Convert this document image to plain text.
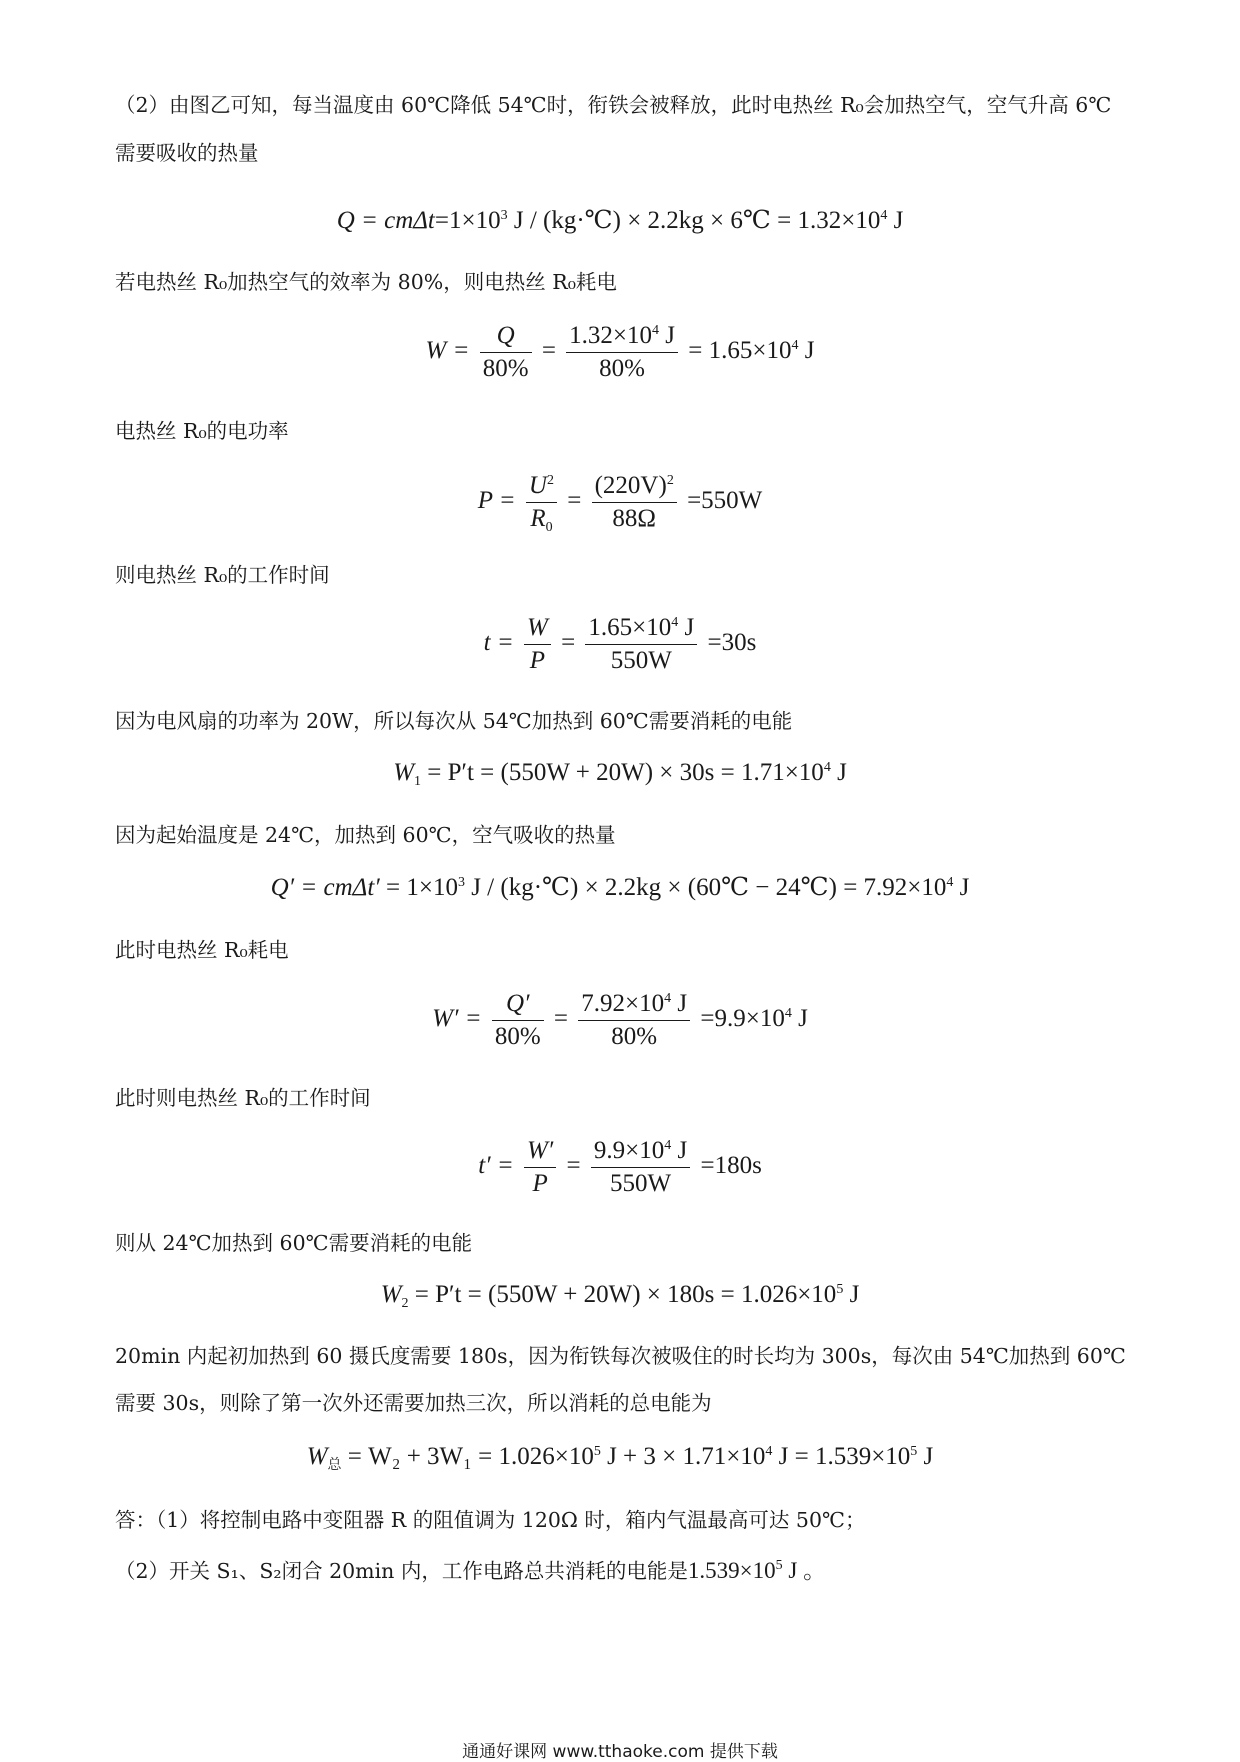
（2）由图乙可知，每当温度由 60℃降低 54℃时，衔铁会被释放，此时电热丝 R₀会加热空气，空气升高 6℃
需要吸收的热量
$Q = cm\Delta t=1\times 10^3$ J / (kg·℃) × 2.2kg × 6℃ = $1.32\times 10^4$ J
若电热丝 R₀加热空气的效率为 80%，则电热丝 R₀耗电
$W = \frac{Q}{80\%} = \frac{1.32\times 10^4 J}{80\%} = 1.65\times 10^4$ J
电热丝 R₀的电功率
$P = \frac{U^2}{R_0} = \frac{(220V)^2}{88\Omega} =550W$
则电热丝 R₀的工作时间
$t = \frac{W}{P} = \frac{1.65\times 10^4 J}{550W} =30s$
因为电风扇的功率为 20W，所以每次从 54℃加热到 60℃需要消耗的电能
$W_1 = P't = (550W + 20W) \times 30s = 1.71\times 10^4$ J
因为起始温度是 24℃，加热到 60℃，空气吸收的热量
$Q' = cm\Delta t' = 1\times 10^3$ J / (kg·℃) × 2.2kg × (60℃ − 24℃) = $7.92\times 10^4$ J
此时电热丝 R₀耗电
$W' = \frac{Q'}{80\%} = \frac{7.92\times 10^4 J}{80\%} =9.9\times 10^4$ J
此时则电热丝 R₀的工作时间
$t' = \frac{W'}{P} = \frac{9.9\times 10^4 J}{550W} =180s$
则从 24℃加热到 60℃需要消耗的电能
$W_2 = P't = (550W + 20W) \times 180s = 1.026\times 10^5$ J
20min 内起初加热到 60 摄氏度需要 180s，因为衔铁每次被吸住的时长均为 300s，每次由 54℃加热到 60℃
需要 30s，则除了第一次外还需要加热三次，所以消耗的总电能为
$W_总 = W_2 + 3W_1 = 1.026\times 10^5$ $J + 3 \times 1.71\times 10^4$ $J = 1.539\times 10^5$ J
答：（1）将控制电路中变阻器 R 的阻值调为 120Ω 时，箱内气温最高可达 50℃；
（2）开关 S₁、S₂闭合 20min 内，工作电路总共消耗的电能是$1.539\times 10^5$ J 。
通通好课网 www.tthaoke.com 提供下载
